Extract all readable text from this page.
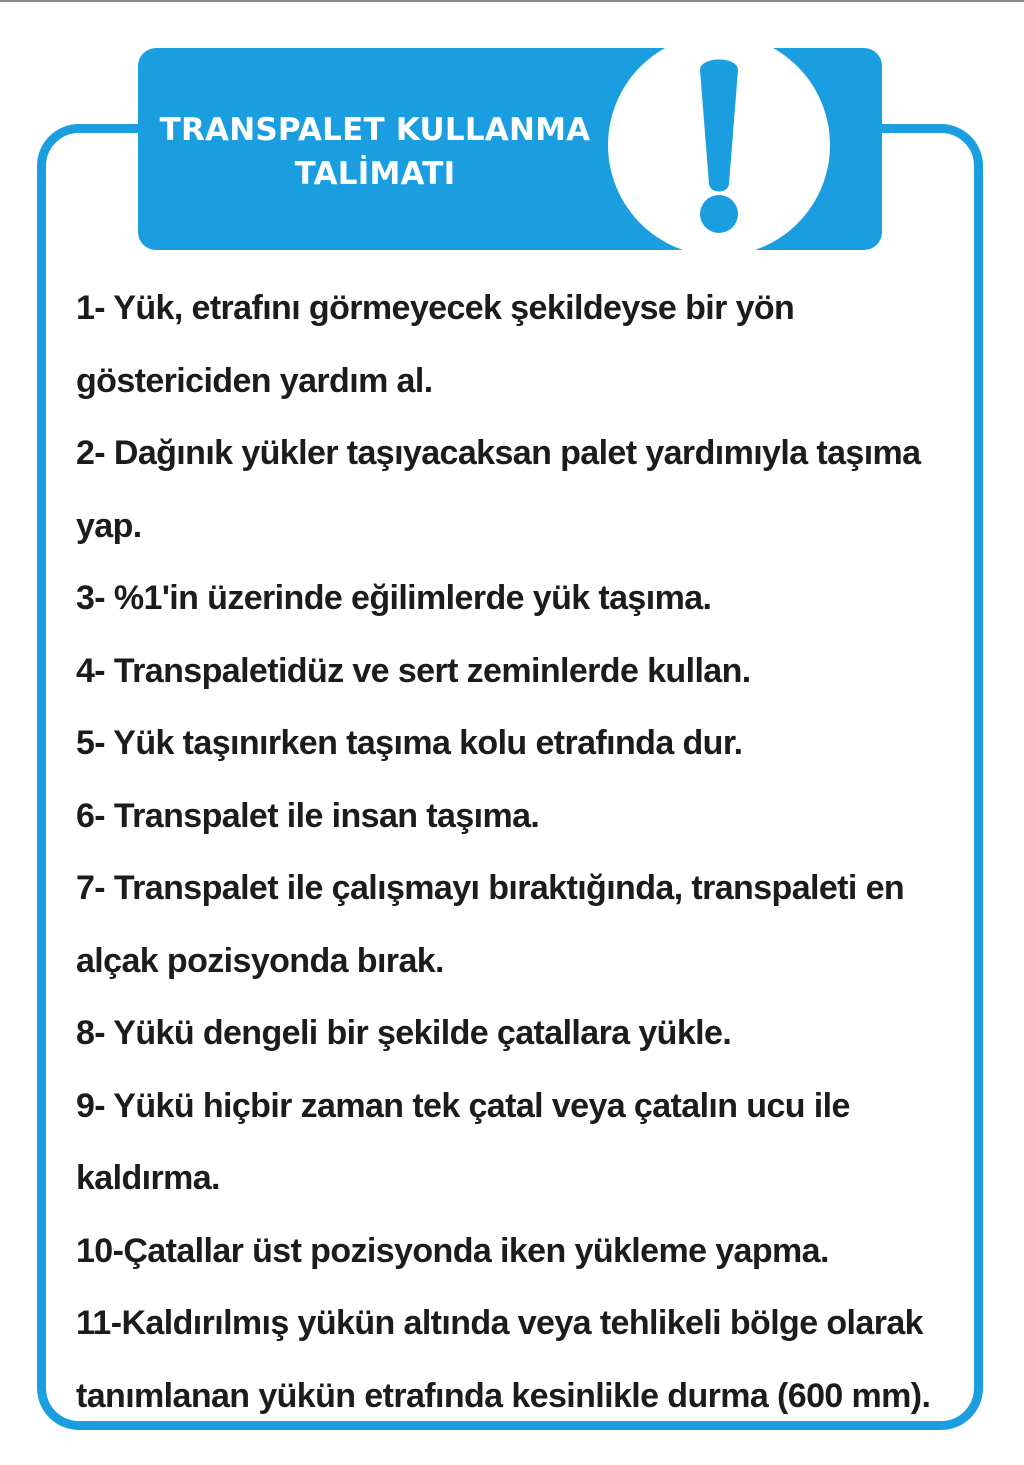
TRANSPALET KULLANMA
TALİMATI
1- Yük, etrafını görmeyecek şekildeyse bir yön
göstericiden yardım al.
2- Dağınık yükler taşıyacaksan palet yardımıyla taşıma
yap.
3- %1'in üzerinde eğilimlerde yük taşıma.
4- Transpaletidüz ve sert zeminlerde kullan.
5- Yük taşınırken taşıma kolu etrafında dur.
6- Transpalet ile insan taşıma.
7- Transpalet ile çalışmayı bıraktığında, transpaleti en
alçak pozisyonda bırak.
8- Yükü dengeli bir şekilde çatallara yükle.
9- Yükü hiçbir zaman tek çatal veya çatalın ucu ile
kaldırma.
10-Çatallar üst pozisyonda iken yükleme yapma.
11-Kaldırılmış yükün altında veya tehlikeli bölge olarak
tanımlanan yükün etrafında kesinlikle durma (600 mm).
